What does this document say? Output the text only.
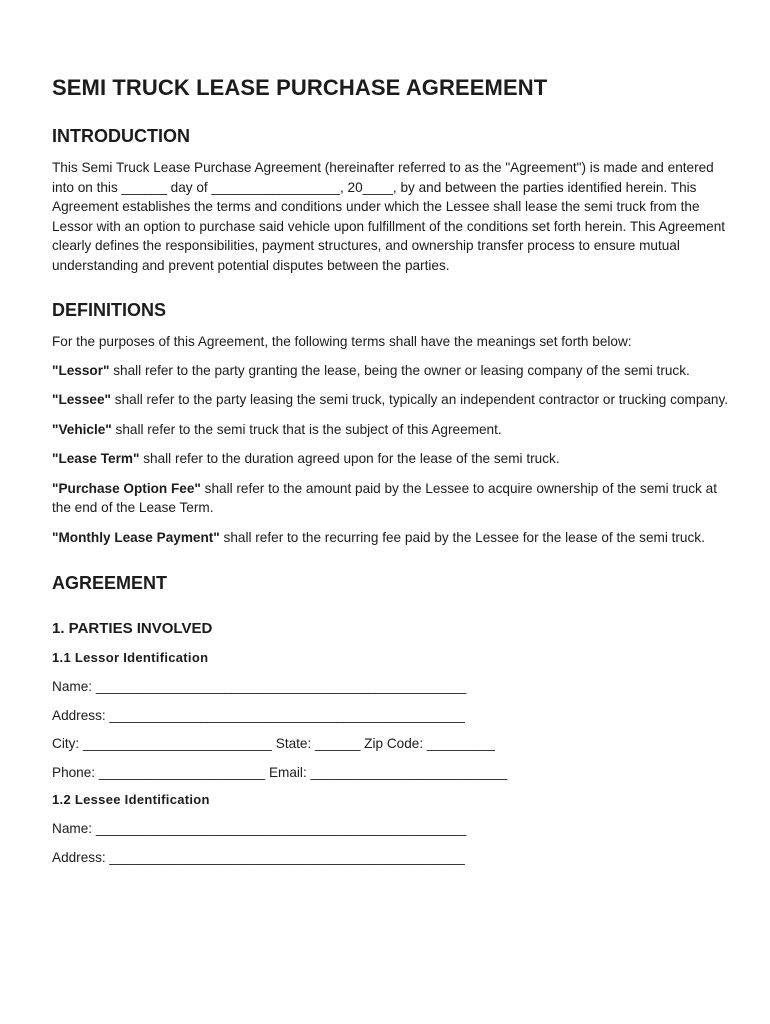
SEMI TRUCK LEASE PURCHASE AGREEMENT
INTRODUCTION

This Semi Truck Lease Purchase Agreement (hereinafter referred to as the "Agreement") is made and entered into on this ______ day of _________________, 20____, by and between the parties identified herein. This Agreement establishes the terms and conditions under which the Lessee shall lease the semi truck from the Lessor with an option to purchase said vehicle upon fulfillment of the conditions set forth herein. This Agreement clearly defines the responsibilities, payment structures, and ownership transfer process to ensure mutual understanding and prevent potential disputes between the parties.

DEFINITIONS

For the purposes of this Agreement, the following terms shall have the meanings set forth below:

"Lessor" shall refer to the party granting the lease, being the owner or leasing company of the semi truck.

"Lessee" shall refer to the party leasing the semi truck, typically an independent contractor or trucking company.

"Vehicle" shall refer to the semi truck that is the subject of this Agreement.

"Lease Term" shall refer to the duration agreed upon for the lease of the semi truck.

"Purchase Option Fee" shall refer to the amount paid by the Lessee to acquire ownership of the semi truck at the end of the Lease Term.

"Monthly Lease Payment" shall refer to the recurring fee paid by the Lessee for the lease of the semi truck.

AGREEMENT
1. PARTIES INVOLVED
1.1 Lessor Identification
Name: _________________________________________________
Address: _______________________________________________
City: _________________________ State: ______ Zip Code: _________
Phone: ______________________ Email: __________________________
1.2 Lessee Identification
Name: _________________________________________________
Address: _______________________________________________
